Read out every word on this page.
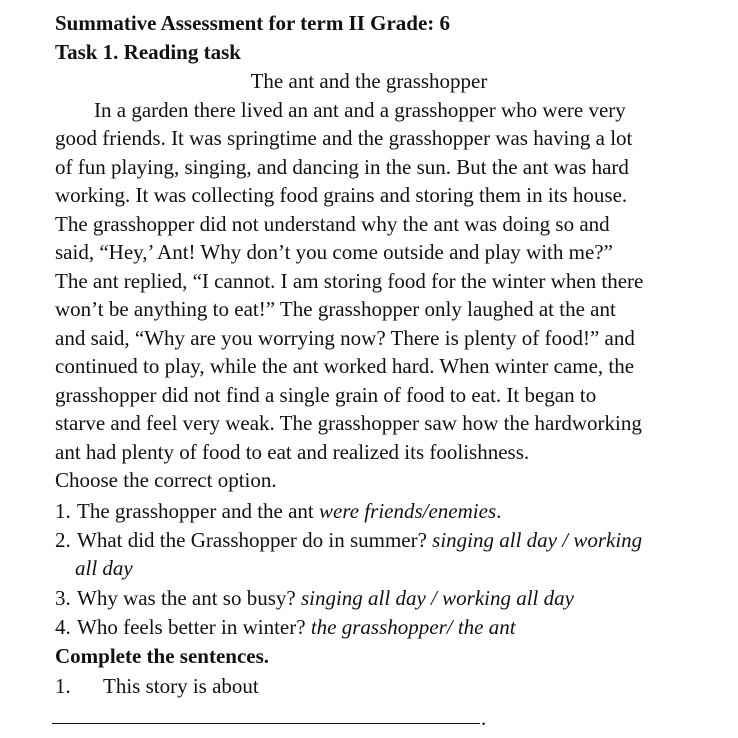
Summative Assessment for term II Grade: 6
Task 1. Reading task
The ant and the grasshopper
In a garden there lived an ant and a grasshopper who were very
good friends. It was springtime and the grasshopper was having a lot
of fun playing, singing, and dancing in the sun. But the ant was hard
working. It was collecting food grains and storing them in its house.
The grasshopper did not understand why the ant was doing so and
said, “Hey,’ Ant! Why don’t you come outside and play with me?”
The ant replied, “I cannot. I am storing food for the winter when there
won’t be anything to eat!” The grasshopper only laughed at the ant
and said, “Why are you worrying now? There is plenty of food!” and
continued to play, while the ant worked hard. When winter came, the
grasshopper did not find a single grain of food to eat. It began to
starve and feel very weak. The grasshopper saw how the hardworking
ant had plenty of food to eat and realized its foolishness.
Choose the correct option.
1. The grasshopper and the ant were friends/enemies.
2. What did the Grasshopper do in summer? singing all day / working
all day
3. Why was the ant so busy? singing all day / working all day
4. Who feels better in winter? the grasshopper/ the ant
Complete the sentences.
1. This story is about
.
